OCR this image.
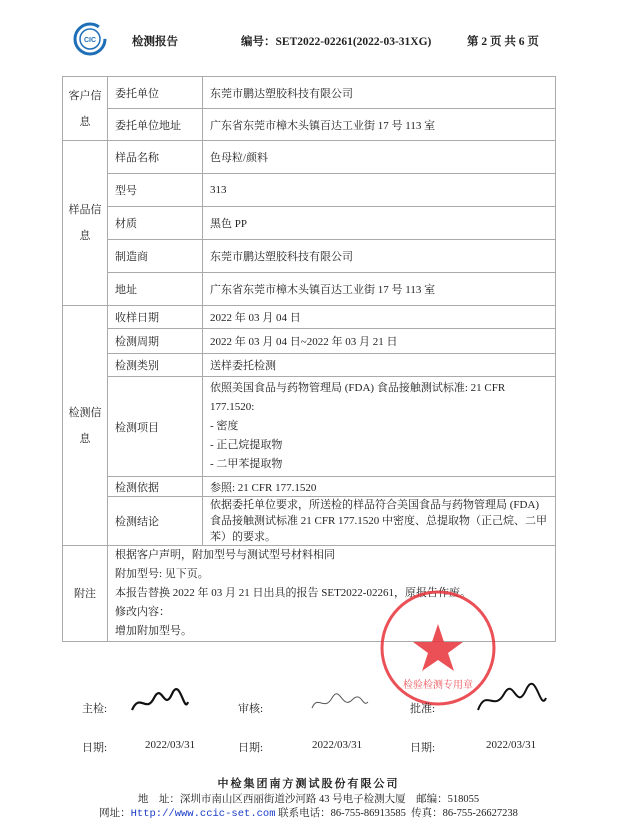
CIC	检测报告	编号：SET2022-02261(2022-03-31XG)	第 2 页 共 6 页
客户信息	委托单位	东莞市鹏达塑胶科技有限公司
	委托单位地址	广东省东莞市樟木头镇百达工业街 17 号 113 室
样品信息	样品名称	色母粒/颜料
	型号	313
	材质	黑色 PP
	制造商	东莞市鹏达塑胶科技有限公司
	地址	广东省东莞市樟木头镇百达工业街 17 号 113 室
检测信息	收样日期	2022 年 03 月 04 日
	检测周期	2022 年 03 月 04 日~2022 年 03 月 21 日
	检测类别	送样委托检测
	检测项目	依照美国食品与药物管理局 (FDA) 食品接触测试标准: 21 CFR 177.1520:
- 密度
- 正己烷提取物
- 二甲苯提取物

	检测依据	参照: 21 CFR 177.1520
	检测结论	依据委托单位要求，所送检的样品符合美国食品与药物管理局 (FDA) 食品接触测试标准 21 CFR 177.1520 中密度、总提取物（正己烷、二甲苯）的要求。
附注	根据客户声明，附加型号与测试型号材料相同
附加型号: 见下页。
本报告替换 2022 年 03 月 21 日出具的报告 SET2022-02261，原报告作废。
修改内容：
增加附加型号。	
检验检测专用章
主检:	审核:	批准:
日期:	2022/03/31	日期:	2022/03/31	日期:	2022/03/31
中检集团南方测试股份有限公司
地    址：深圳市南山区西丽街道沙河路 43 号电子检测大厦    邮编：518055
网址：Http://www.ccic-set.com 联系电话：86-755-86913585  传真：86-755-26627238
